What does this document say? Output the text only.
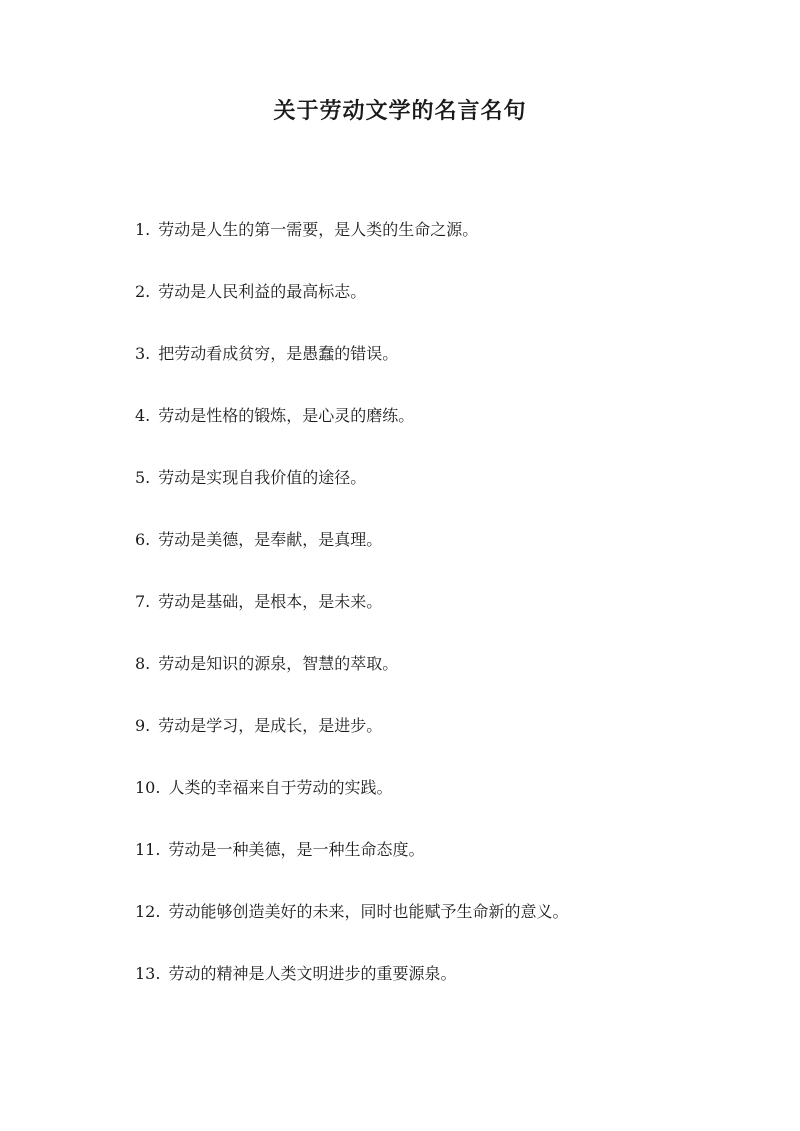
关于劳动文学的名言名句
1. 劳动是人生的第一需要，是人类的生命之源。
2. 劳动是人民利益的最高标志。
3. 把劳动看成贫穷，是愚蠢的错误。
4. 劳动是性格的锻炼，是心灵的磨练。
5. 劳动是实现自我价值的途径。
6. 劳动是美德，是奉献，是真理。
7. 劳动是基础，是根本，是未来。
8. 劳动是知识的源泉，智慧的萃取。
9. 劳动是学习，是成长，是进步。
10. 人类的幸福来自于劳动的实践。
11. 劳动是一种美德，是一种生命态度。
12. 劳动能够创造美好的未来，同时也能赋予生命新的意义。
13. 劳动的精神是人类文明进步的重要源泉。
